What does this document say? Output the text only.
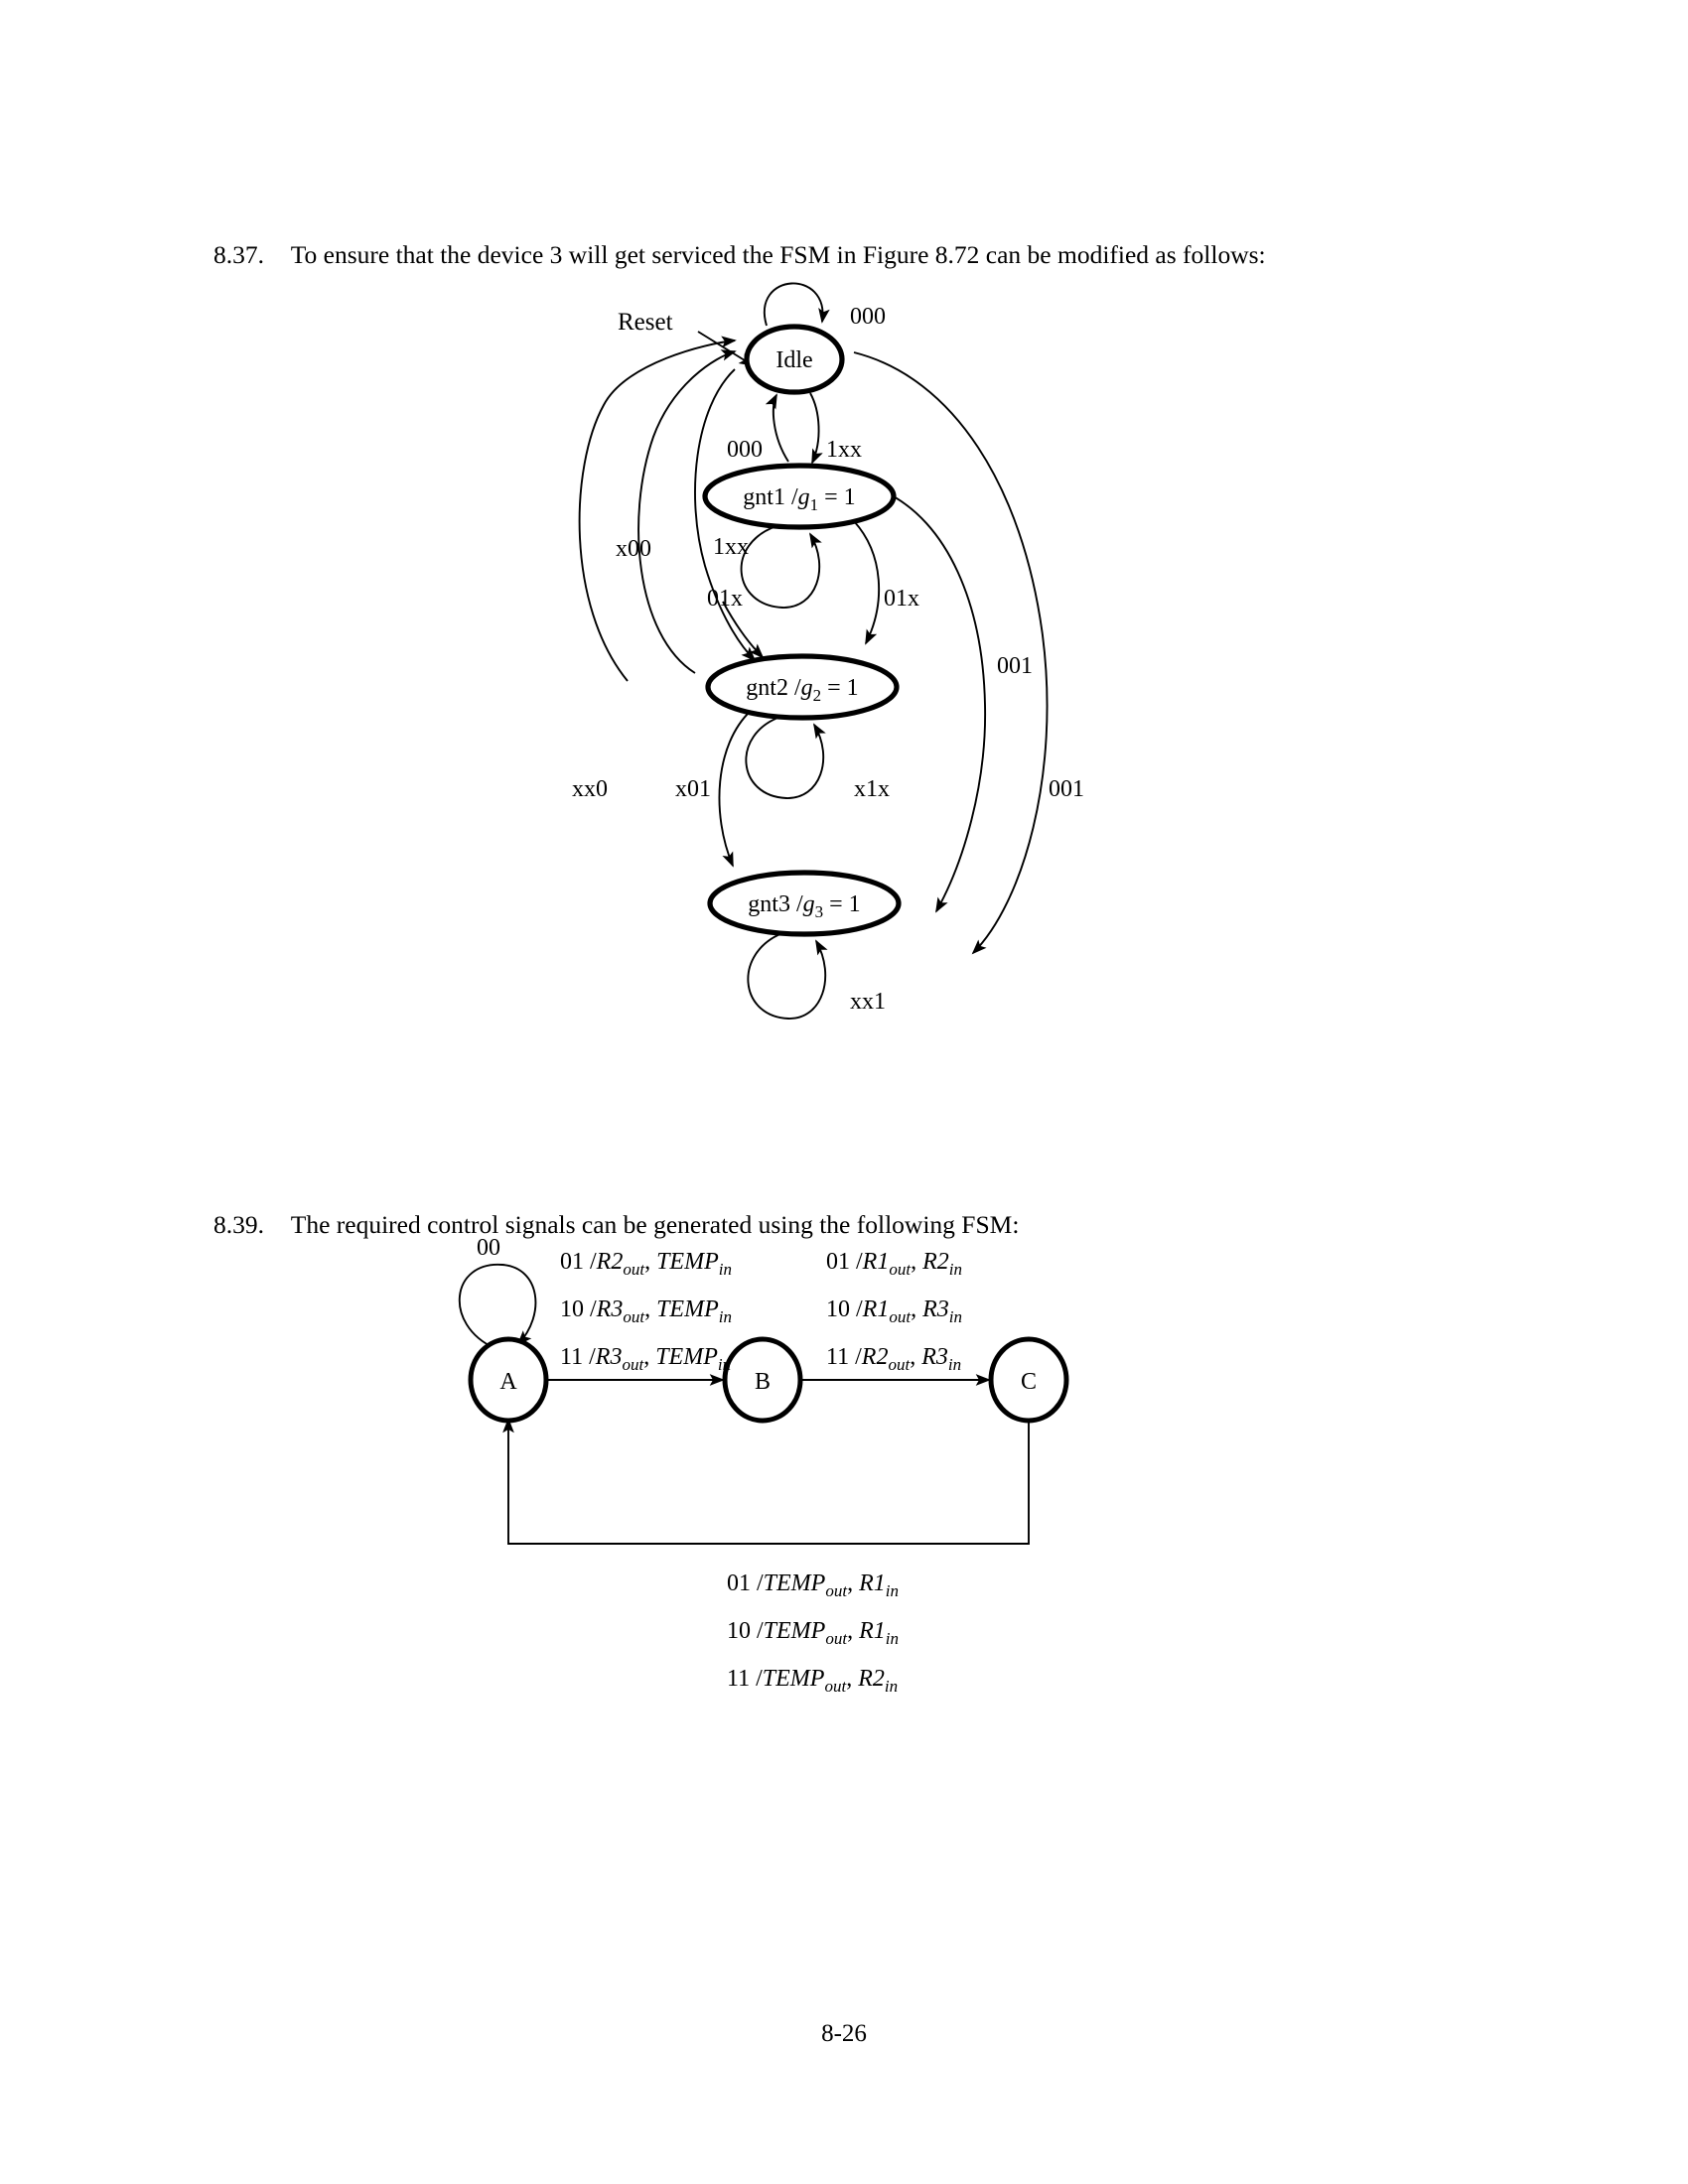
8.37. To ensure that the device 3 will get serviced the FSM in Figure 8.72 can be modified as follows:
Idle
gnt1 $/g_1 = 1$
gnt2 $/g_2 = 1$
gnt3 $/g_3 = 1$
Reset	000
000	1xx
1xx
01x	01x
x1x
x01
xx1
x00
xx0
001
001
8.39. The required control signals can be generated using the following FSM:
A	B	C
00
01 $/R2_{out}$, $TEMP_{in}$
10 $/R3_{out}$, $TEMP_{in}$
11 $/R3_{out}$, $TEMP_{in}$
01 $/R1_{out}$, $R2_{in}$
10 $/R1_{out}$, $R3_{in}$
11 $/R2_{out}$, $R3_{in}$
01 $/TEMP_{out}$, $R1_{in}$
10 $/TEMP_{out}$, $R1_{in}$
11 $/TEMP_{out}$, $R2_{in}$
8-26
